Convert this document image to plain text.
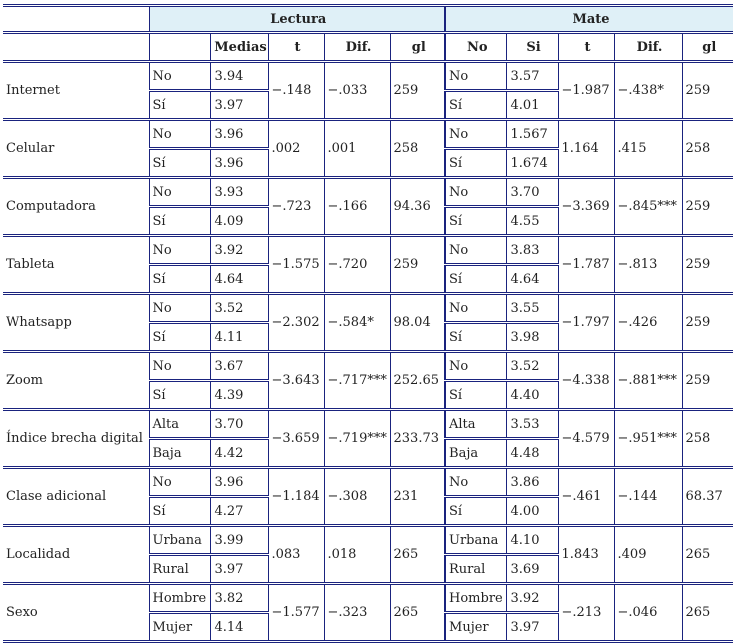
	Lectura					Mate				
		Medias	t	Dif.	gl	No	Si	t	Dif.	gl
Internet	No	3.94	−.148	−.033	259	No	3.57	−1.987	−.438*	259
	Sí	3.97				Sí	4.01			
Celular	No	3.96	.002	.001	258	No	1.567	1.164	.415	258
	Sí	3.96				Sí	1.674			
Computadora	No	3.93	−.723	−.166	94.36	No	3.70	−3.369	−.845***	259
	Sí	4.09				Sí	4.55			
Tableta	No	3.92	−1.575	−.720	259	No	3.83	−1.787	−.813	259
	Sí	4.64				Sí	4.64			
Whatsapp	No	3.52	−2.302	−.584*	98.04	No	3.55	−1.797	−.426	259
	Sí	4.11				Sí	3.98			
Zoom	No	3.67	−3.643	−.717***	252.65	No	3.52	−4.338	−.881***	259
	Sí	4.39				Sí	4.40			
Índice brecha digital	Alta	3.70	−3.659	−.719***	233.73	Alta	3.53	−4.579	−.951***	258
	Baja	4.42				Baja	4.48			
Clase adicional	No	3.96	−1.184	−.308	231	No	3.86	−.461	−.144	68.37
	Sí	4.27				Sí	4.00			
Localidad	Urbana	3.99	.083	.018	265	Urbana	4.10	1.843	.409	265
	Rural	3.97				Rural	3.69			
Sexo	Hombre	3.82	−1.577	−.323	265	Hombre	3.92	−.213	−.046	265
	Mujer	4.14				Mujer	3.97			
